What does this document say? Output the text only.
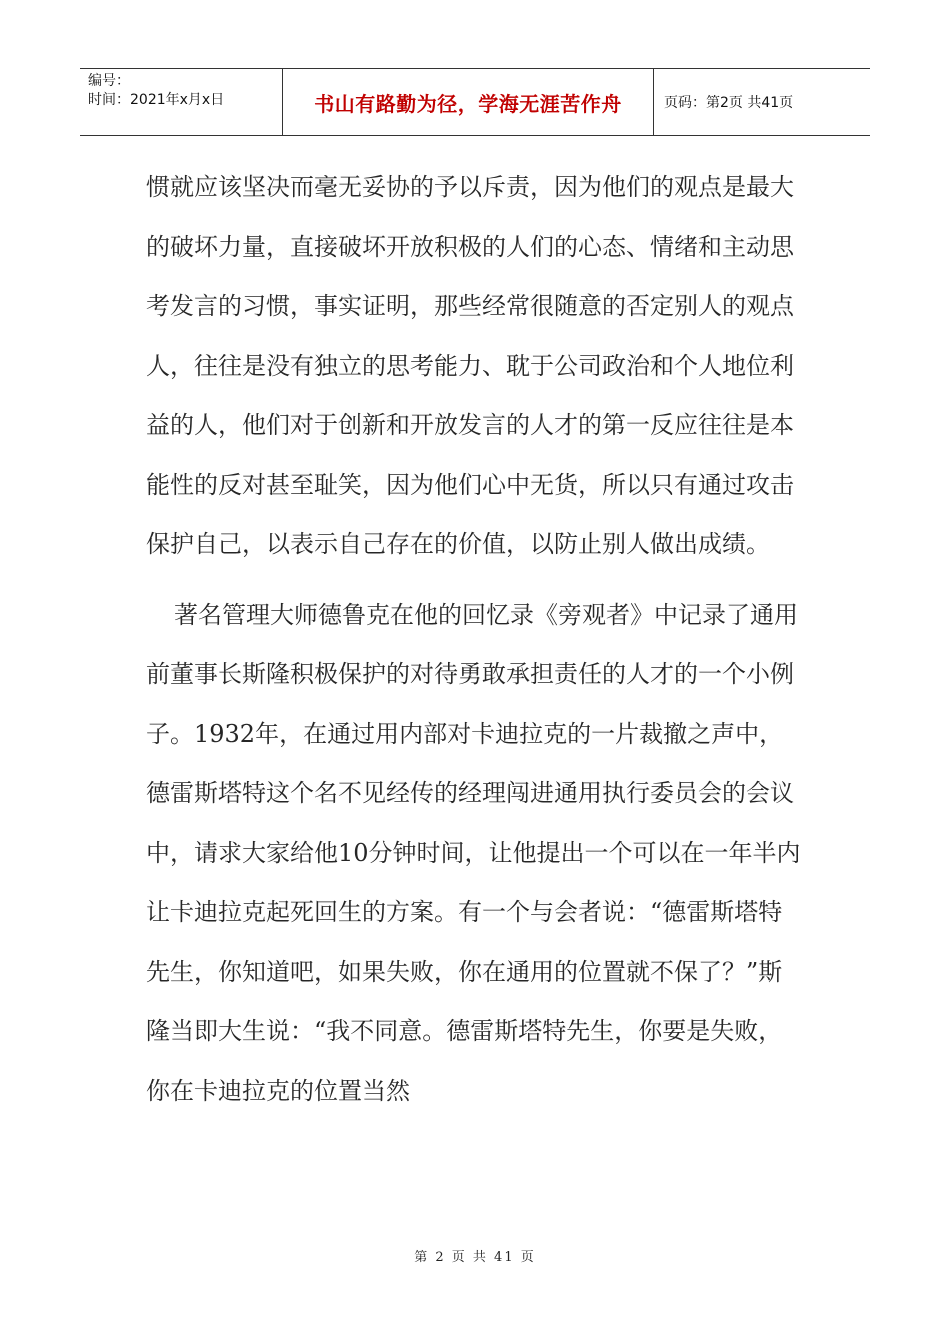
编号：
时间：2021年x月x日	书山有路勤为径，学海无涯苦作舟	页码：第2页 共41页

惯就应该坚决而毫无妥协的予以斥责，因为他们的观点是最大的破坏力量，直接破坏开放积极的人们的心态、情绪和主动思考发言的习惯，事实证明，那些经常很随意的否定别人的观点人，往往是没有独立的思考能力、耽于公司政治和个人地位利益的人，他们对于创新和开放发言的人才的第一反应往往是本能性的反对甚至耻笑，因为他们心中无货，所以只有通过攻击保护自己，以表示自己存在的价值，以防止别人做出成绩。

著名管理大师德鲁克在他的回忆录《旁观者》中记录了通用前董事长斯隆积极保护的对待勇敢承担责任的人才的一个小例子。1932年，在通过用内部对卡迪拉克的一片裁撤之声中，德雷斯塔特这个名不见经传的经理闯进通用执行委员会的会议中，请求大家给他10分钟时间，让他提出一个可以在一年半内让卡迪拉克起死回生的方案。有一个与会者说：“德雷斯塔特先生，你知道吧，如果失败，你在通用的位置就不保了？”斯隆当即大生说：“我不同意。德雷斯塔特先生，你要是失败，你在卡迪拉克的位置当然

第 2 页 共 41 页
